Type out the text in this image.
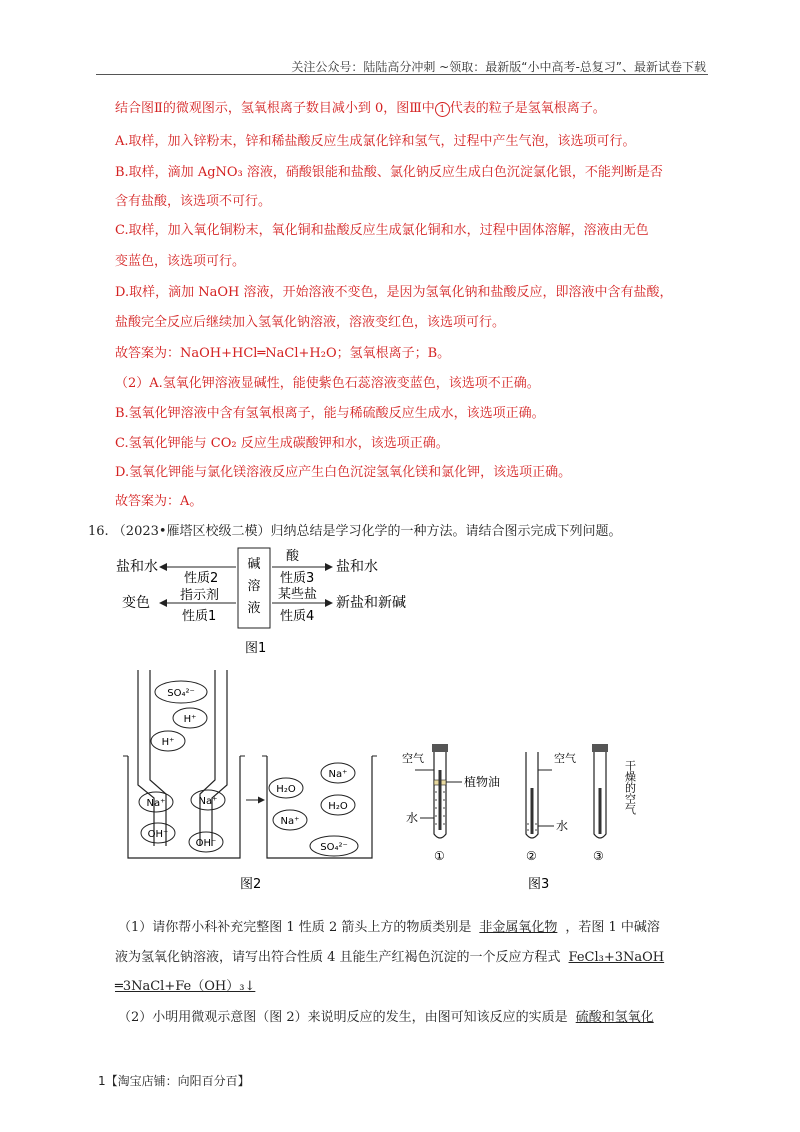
关注公众号：陆陆高分冲刺 ~领取：最新版“小中高考-总复习”、最新试卷下载
结合图Ⅱ的微观图示，氢氧根离子数目减小到 0，图Ⅲ中 1 代表的粒子是氢氧根离子。
A.取样，加入锌粉末，锌和稀盐酸反应生成氯化锌和氢气，过程中产生气泡，该选项可行。
B.取样，滴加 AgNO₃ 溶液，硝酸银能和盐酸、氯化钠反应生成白色沉淀氯化银，不能判断是否
含有盐酸，该选项不可行。
C.取样，加入氧化铜粉末，氧化铜和盐酸反应生成氯化铜和水，过程中固体溶解，溶液由无色
变蓝色，该选项可行。
D.取样，滴加 NaOH 溶液，开始溶液不变色，是因为氢氧化钠和盐酸反应，即溶液中含有盐酸，
盐酸完全反应后继续加入氢氧化钠溶液，溶液变红色，该选项可行。
故答案为：NaOH+HCl═NaCl+H₂O；氢氧根离子；B。
（2）A.氢氧化钾溶液显碱性，能使紫色石蕊溶液变蓝色，该选项不正确。
B.氢氧化钾溶液中含有氢氧根离子，能与稀硫酸反应生成水，该选项正确。
C.氢氧化钾能与 CO₂ 反应生成碳酸钾和水，该选项正确。
D.氢氧化钾能与氯化镁溶液反应产生白色沉淀氢氧化镁和氯化钾，该选项正确。
故答案为：A。
16. （2023•雁塔区校级二模）归纳总结是学习化学的一种方法。请结合图示完成下列问题。
碱
溶
液
盐和水
性质2
指示剂
变色
性质1
酸
性质3
盐和水
某些盐
性质4
新盐和新碱
图1
SO₄²⁻
H⁺
H⁺
Na⁺	Na⁺
OH⁻
OH⁻
H₂O
Na⁺
H₂O
Na⁺
SO₄²⁻
图2
空气
植物油
水
①
空气
水
②
干燥的空气
③
图3
（1）请你帮小科补充完整图 1 性质 2 箭头上方的物质类别是 非金属氧化物 ，若图 1 中碱溶
液为氢氧化钠溶液，请写出符合性质 4 且能生产红褐色沉淀的一个反应方程式 FeCl₃+3NaOH
═3NaCl+Fe（OH）₃↓
（2）小明用微观示意图（图 2）来说明反应的发生，由图可知该反应的实质是 硫酸和氢氧化
1【淘宝店铺：向阳百分百】
